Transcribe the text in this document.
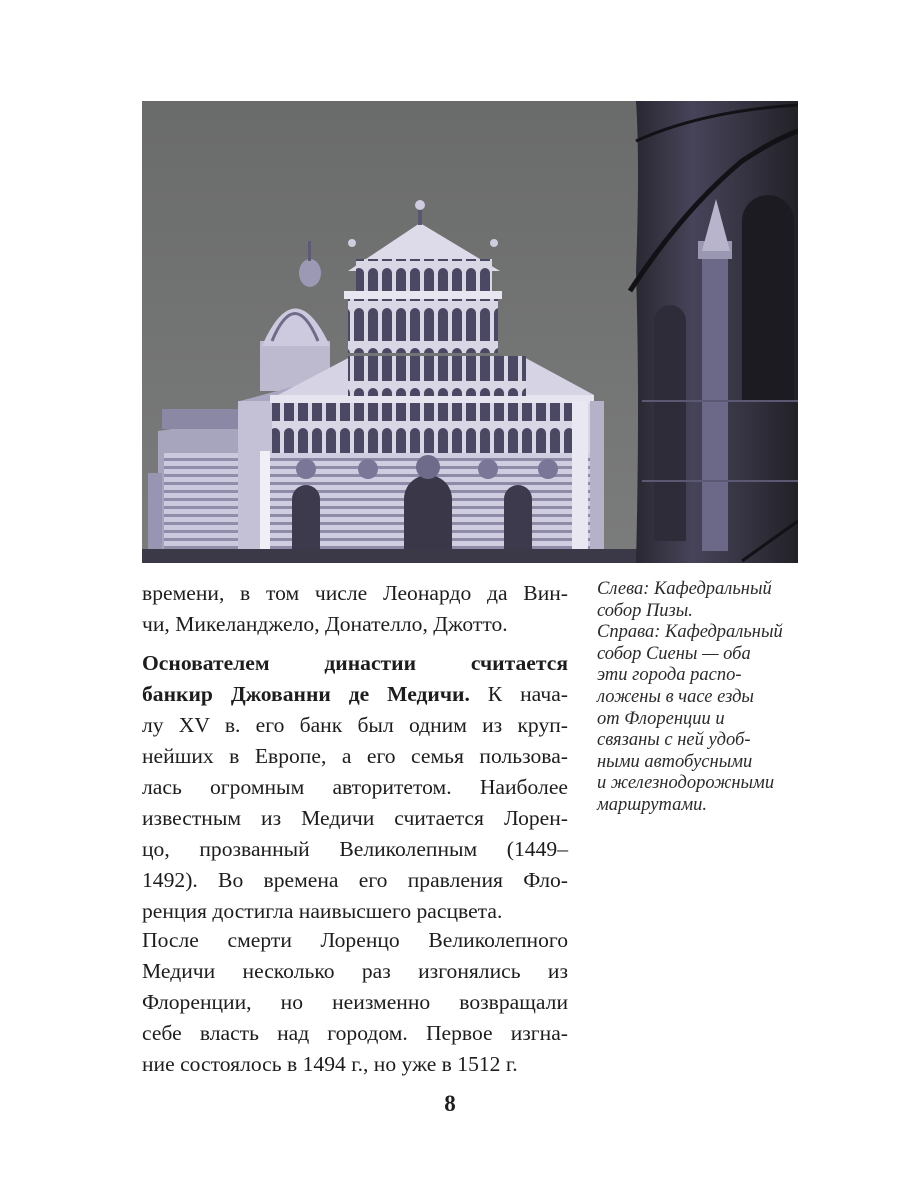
времени, в том числе Леонардо да Вин-
чи, Микеланджело, Донателло, Джотто.
Основателем династии считается
банкир Джованни де Медичи. К нача-
лу XV в. его банк был одним из круп-
нейших в Европе, а его семья пользова-
лась огромным авторитетом. Наиболее
известным из Медичи считается Лорен-
цо, прозванный Великолепным (1449–
1492). Во времена его правления Фло-
ренция достигла наивысшего расцвета.
После смерти Лоренцо Великолепного
Медичи несколько раз изгонялись из
Флоренции, но неизменно возвращали
себе власть над городом. Первое изгна-
ние состоялось в 1494 г., но уже в 1512 г.
Слева: Кафедральный
собор Пизы.
Справа: Кафедральный
собор Сиены — оба
эти города распо-
ложены в часе езды
от Флоренции и
связаны с ней удоб-
ными автобусными
и железнодорожными
маршрутами.
8
